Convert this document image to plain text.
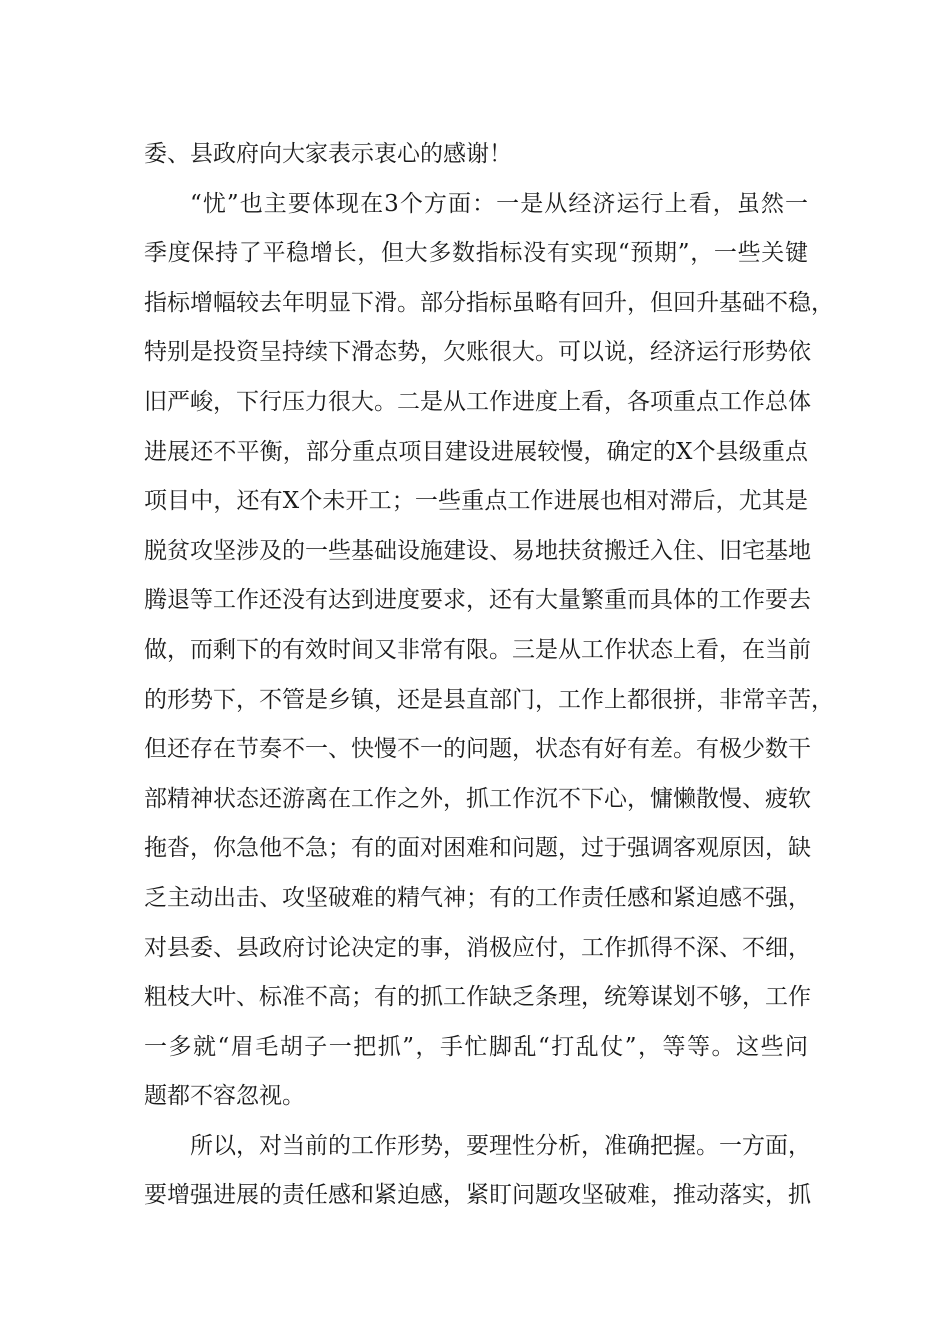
委、县政府向大家表示衷心的感谢！
“忧”也主要体现在3个方面：一是从经济运行上看，虽然一
季度保持了平稳增长，但大多数指标没有实现“预期”，一些关键
指标增幅较去年明显下滑。部分指标虽略有回升，但回升基础不稳，
特别是投资呈持续下滑态势，欠账很大。可以说，经济运行形势依
旧严峻，下行压力很大。二是从工作进度上看，各项重点工作总体
进展还不平衡，部分重点项目建设进展较慢，确定的X个县级重点
项目中，还有X个未开工；一些重点工作进展也相对滞后，尤其是
脱贫攻坚涉及的一些基础设施建设、易地扶贫搬迁入住、旧宅基地
腾退等工作还没有达到进度要求，还有大量繁重而具体的工作要去
做，而剩下的有效时间又非常有限。三是从工作状态上看，在当前
的形势下，不管是乡镇，还是县直部门，工作上都很拼，非常辛苦，
但还存在节奏不一、快慢不一的问题，状态有好有差。有极少数干
部精神状态还游离在工作之外，抓工作沉不下心，慵懒散慢、疲软
拖沓，你急他不急；有的面对困难和问题，过于强调客观原因，缺
乏主动出击、攻坚破难的精气神；有的工作责任感和紧迫感不强，
对县委、县政府讨论决定的事，消极应付，工作抓得不深、不细，
粗枝大叶、标准不高；有的抓工作缺乏条理，统筹谋划不够，工作
一多就“眉毛胡子一把抓”，手忙脚乱“打乱仗”，等等。这些问
题都不容忽视。
所以，对当前的工作形势，要理性分析，准确把握。一方面，
要增强进展的责任感和紧迫感，紧盯问题攻坚破难，推动落实，抓
